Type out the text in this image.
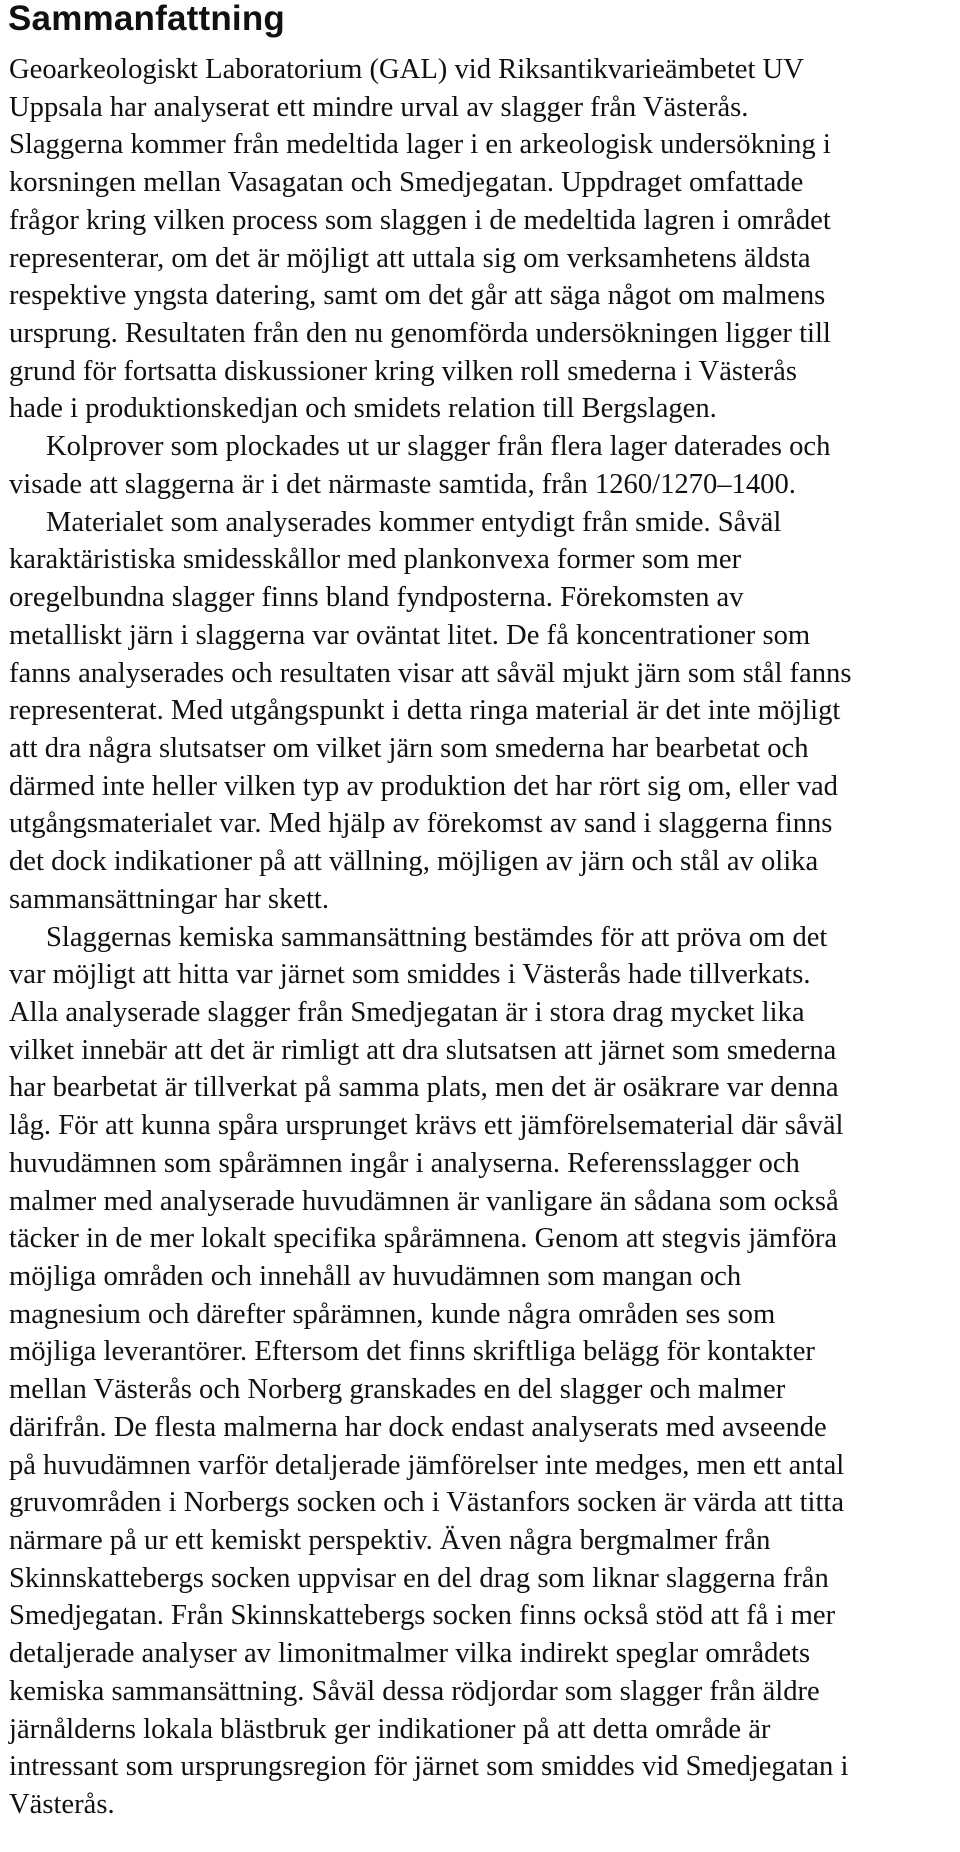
Sammanfattning
Geoarkeologiskt Laboratorium (GAL) vid Riksantikvarieämbetet UV
Uppsala har analyserat ett mindre urval av slagger från Västerås.
Slaggerna kommer från medeltida lager i en arkeologisk undersökning i
korsningen mellan Vasagatan och Smedjegatan. Uppdraget omfattade
frågor kring vilken process som slaggen i de medeltida lagren i området
representerar, om det är möjligt att uttala sig om verksamhetens äldsta
respektive yngsta datering, samt om det går att säga något om malmens
ursprung. Resultaten från den nu genomförda undersökningen ligger till
grund för fortsatta diskussioner kring vilken roll smederna i Västerås
hade i produktionskedjan och smidets relation till Bergslagen.
Kolprover som plockades ut ur slagger från flera lager daterades och
visade att slaggerna är i det närmaste samtida, från 1260/1270–1400.
Materialet som analyserades kommer entydigt från smide. Såväl
karaktäristiska smidesskållor med plankonvexa former som mer
oregelbundna slagger finns bland fyndposterna. Förekomsten av
metalliskt järn i slaggerna var oväntat litet. De få koncentrationer som
fanns analyserades och resultaten visar att såväl mjukt järn som stål fanns
representerat. Med utgångspunkt i detta ringa material är det inte möjligt
att dra några slutsatser om vilket järn som smederna har bearbetat och
därmed inte heller vilken typ av produktion det har rört sig om, eller vad
utgångsmaterialet var. Med hjälp av förekomst av sand i slaggerna finns
det dock indikationer på att vällning, möjligen av järn och stål av olika
sammansättningar har skett.
Slaggernas kemiska sammansättning bestämdes för att pröva om det
var möjligt att hitta var järnet som smiddes i Västerås hade tillverkats.
Alla analyserade slagger från Smedjegatan är i stora drag mycket lika
vilket innebär att det är rimligt att dra slutsatsen att järnet som smederna
har bearbetat är tillverkat på samma plats, men det är osäkrare var denna
låg. För att kunna spåra ursprunget krävs ett jämförelsematerial där såväl
huvudämnen som spårämnen ingår i analyserna. Referensslagger och
malmer med analyserade huvudämnen är vanligare än sådana som också
täcker in de mer lokalt specifika spårämnena. Genom att stegvis jämföra
möjliga områden och innehåll av huvudämnen som mangan och
magnesium och därefter spårämnen, kunde några områden ses som
möjliga leverantörer. Eftersom det finns skriftliga belägg för kontakter
mellan Västerås och Norberg granskades en del slagger och malmer
därifrån. De flesta malmerna har dock endast analyserats med avseende
på huvudämnen varför detaljerade jämförelser inte medges, men ett antal
gruvområden i Norbergs socken och i Västanfors socken är värda att titta
närmare på ur ett kemiskt perspektiv. Även några bergmalmer från
Skinnskattebergs socken uppvisar en del drag som liknar slaggerna från
Smedjegatan. Från Skinnskattebergs socken finns också stöd att få i mer
detaljerade analyser av limonitmalmer vilka indirekt speglar områdets
kemiska sammansättning. Såväl dessa rödjordar som slagger från äldre
järnålderns lokala blästbruk ger indikationer på att detta område är
intressant som ursprungsregion för järnet som smiddes vid Smedjegatan i
Västerås.
